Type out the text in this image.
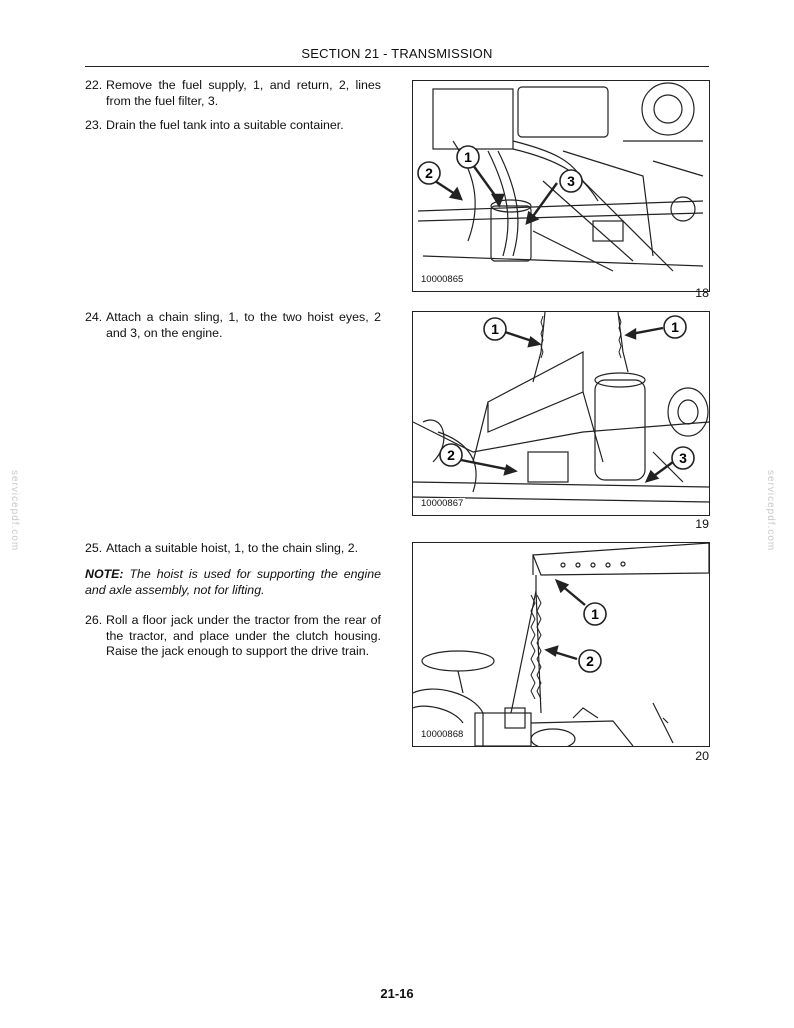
SECTION 21 - TRANSMISSION
22. Remove the fuel supply, 1, and return, 2, lines from the fuel filter, 3.
23. Drain the fuel tank into a suitable container.
24. Attach a chain sling, 1, to the two hoist eyes, 2 and 3, on the engine.
25. Attach a suitable hoist, 1, to the chain sling, 2.
NOTE: The hoist is used for supporting the engine and axle assembly, not for lifting.
26. Roll a floor jack under the tractor from the rear of the tractor, and place under the clutch housing. Raise the jack enough to support the drive train.
1
2	3
10000865
18
1	1
2	3
10000867
19
1
2
10000868
20
servicepdf.com	servicepdf.com
21-16
